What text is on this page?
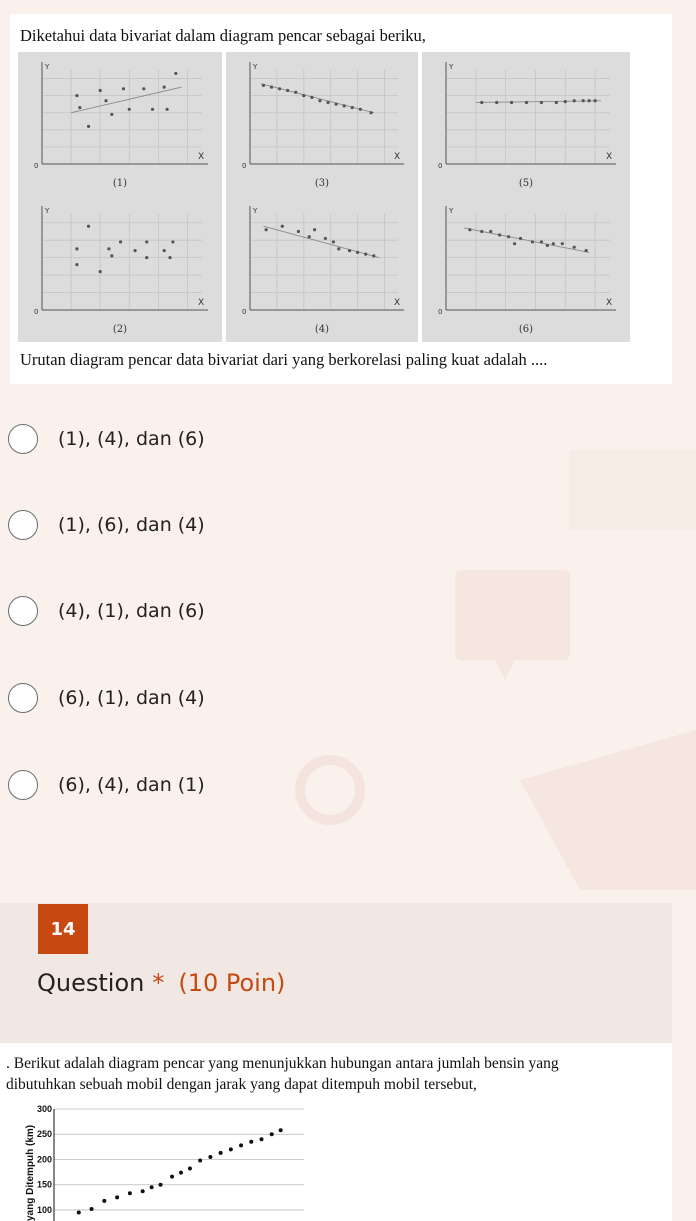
Diketahui data bivariat dalam diagram pencar sebagai beriku,
X
Y
0
(1)
X
Y
0
(3)
X
Y
0
(5)
X
Y
0
(2)
X
Y
0
(4)
X
Y
0
(6)
Urutan diagram pencar data bivariat dari yang berkorelasi paling kuat adalah ....
(1), (4), dan (6)
(1), (6), dan (4)
(4), (1), dan (6)
(6), (1), dan (4)
(6), (4), dan (1)
14
Question * (10 Poin)
. Berikut adalah diagram pencar yang menunjukkan hubungan antara jumlah bensin yang
dibutuhkan sebuah mobil dengan jarak yang dapat ditempuh mobil tersebut,
300
250
200
150
100
yang Ditempuh (km)
